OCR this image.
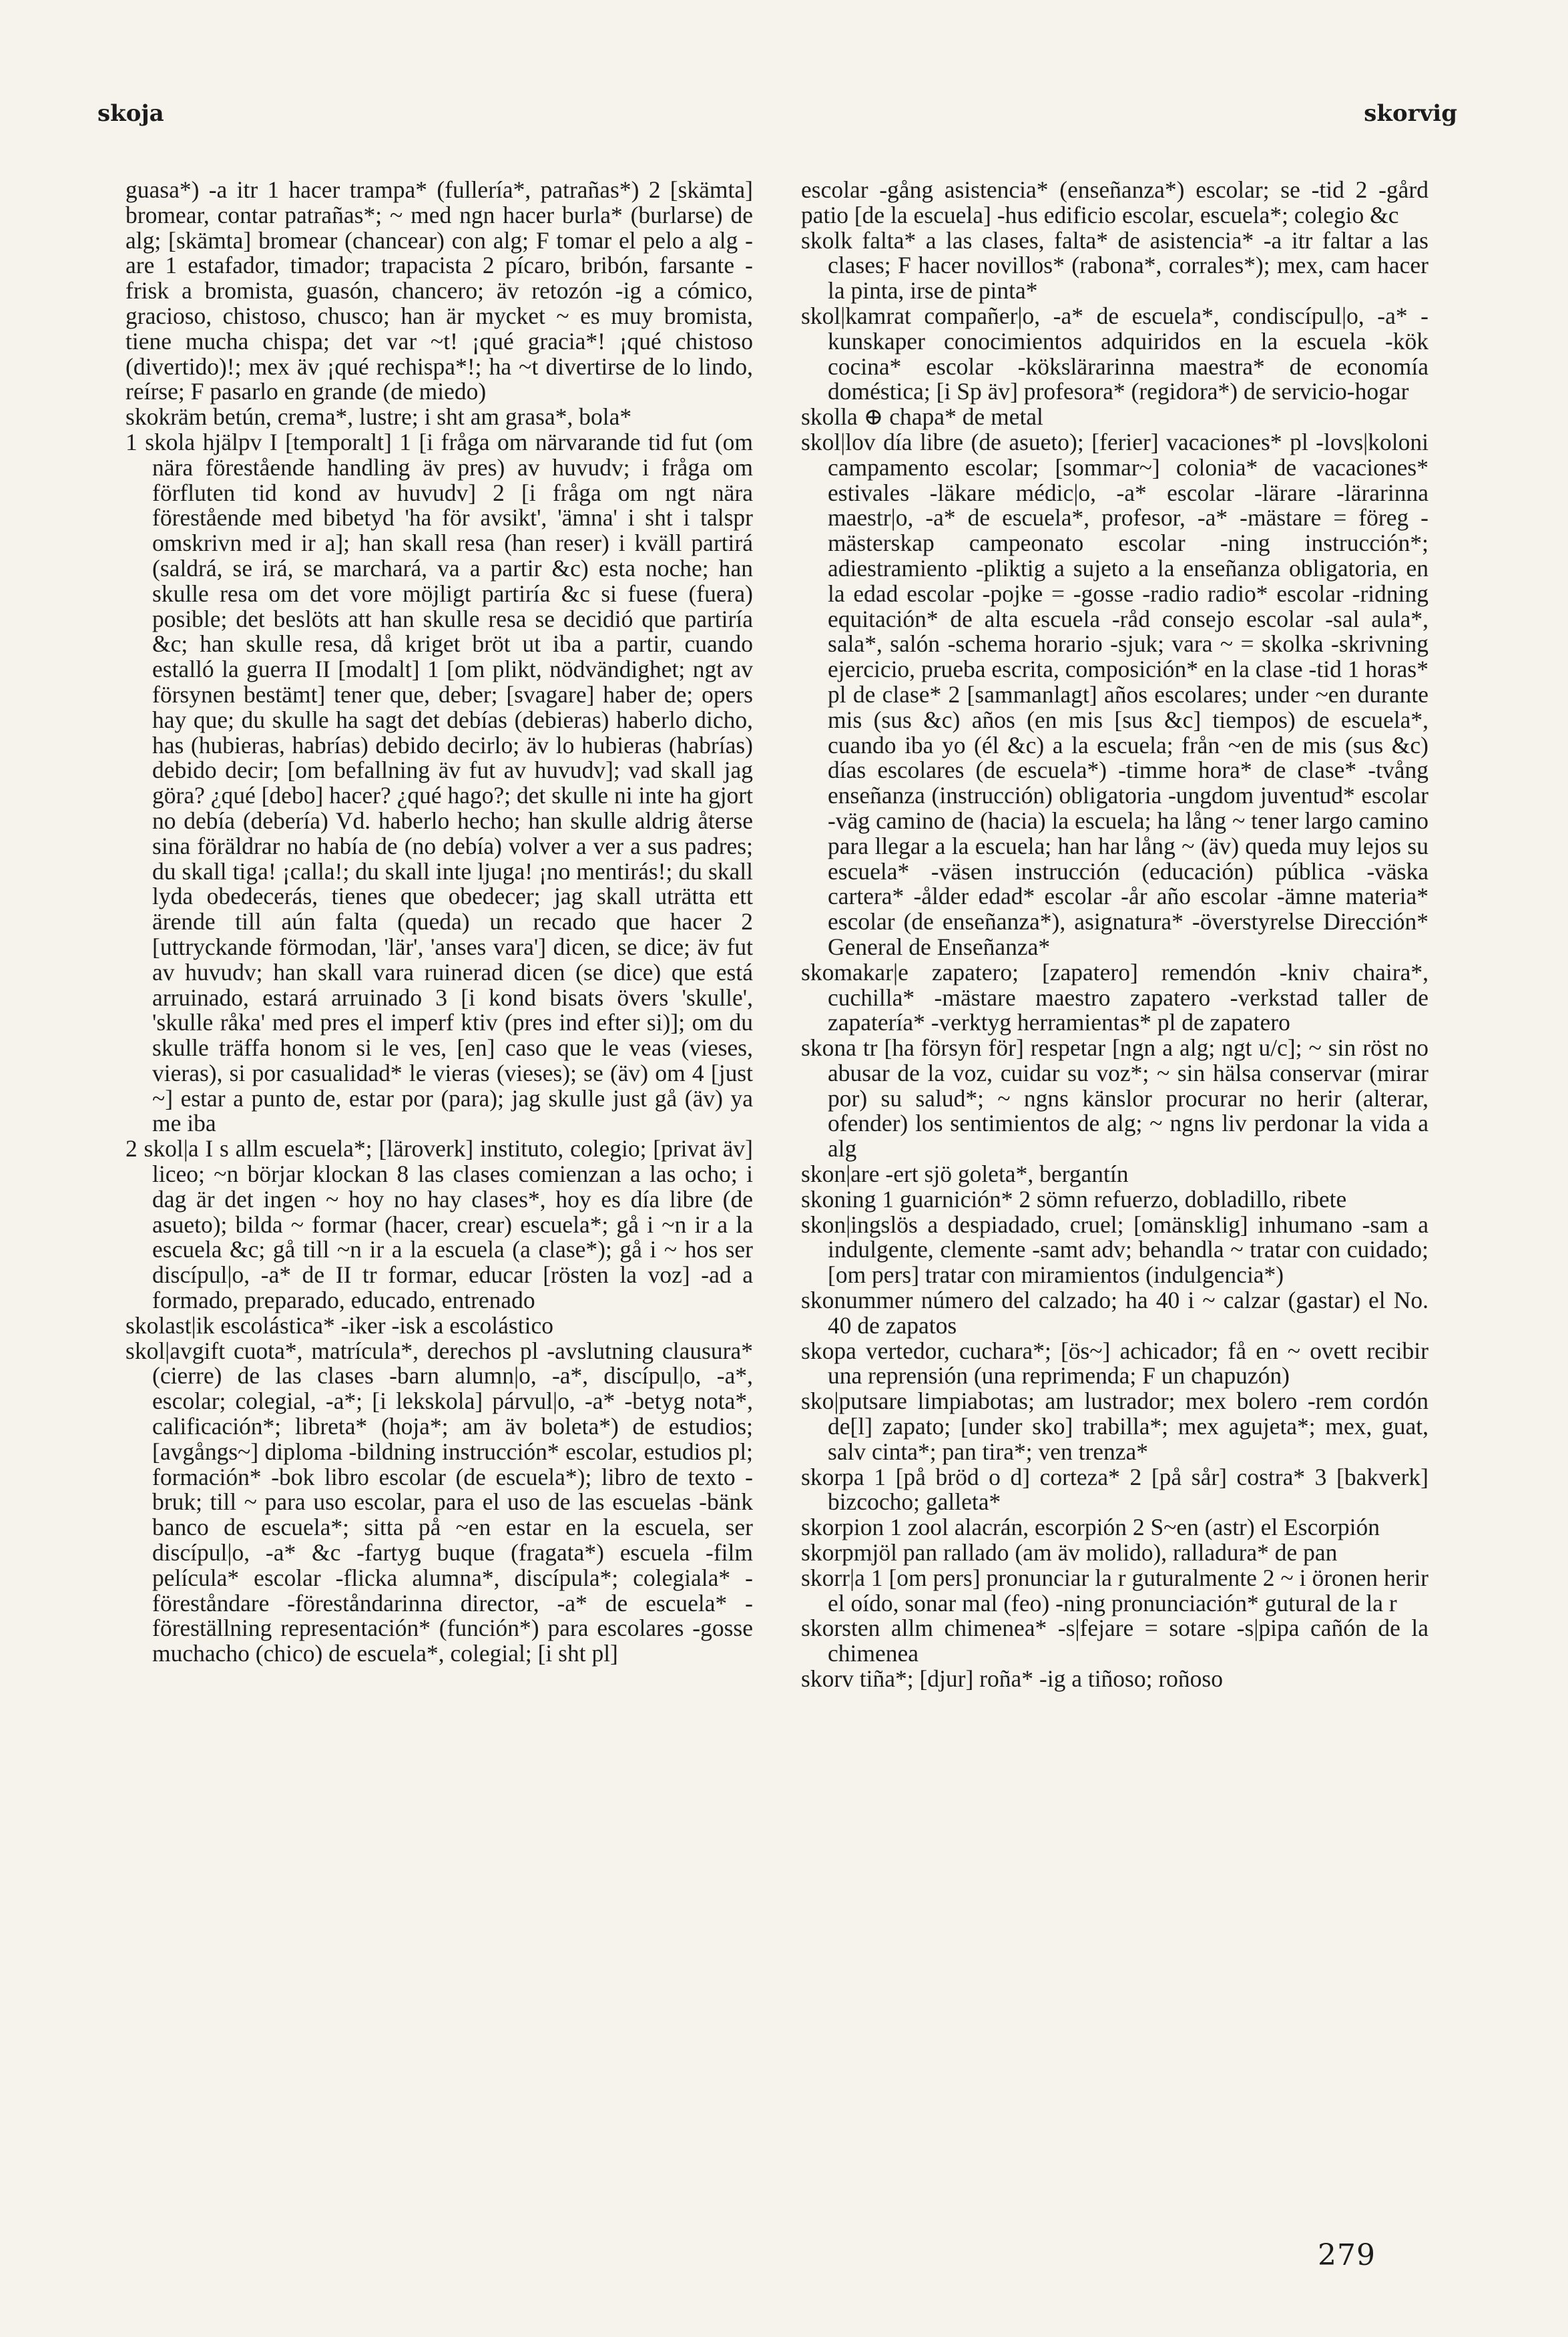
skoja	skorvig

guasa*) -a itr 1 hacer trampa* (fullería*, patrañas*) 2 [skämta] bromear, contar patrañas*; ~ med ngn hacer burla* (burlarse) de alg; [skämta] bromear (chancear) con alg; F tomar el pelo a alg -are 1 estafador, timador; trapacista 2 pícaro, bribón, farsante -frisk a bromista, guasón, chancero; äv retozón -ig a cómico, gracioso, chistoso, chusco; han är mycket ~ es muy bromista, tiene mucha chispa; det var ~t! ¡qué gracia*! ¡qué chistoso (divertido)!; mex äv ¡qué rechispa*!; ha ~t divertirse de lo lindo, reírse; F pasarlo en grande (de miedo)

skokräm betún, crema*, lustre; i sht am grasa*, bola*

1 skola hjälpv I [temporalt] 1 [i fråga om närvarande tid fut (om nära förestående handling äv pres) av huvudv; i fråga om förfluten tid kond av huvudv] 2 [i fråga om ngt nära förestående med bibetyd 'ha för avsikt', 'ämna' i sht i talspr omskrivn med ir a]; han skall resa (han reser) i kväll partirá (saldrá, se irá, se marchará, va a partir &c) esta noche; han skulle resa om det vore möjligt partiría &c si fuese (fuera) posible; det beslöts att han skulle resa se decidió que partiría &c; han skulle resa, då kriget bröt ut iba a partir, cuando estalló la guerra II [modalt] 1 [om plikt, nödvändighet; ngt av försynen bestämt] tener que, deber; [svagare] haber de; opers hay que; du skulle ha sagt det debías (debieras) haberlo dicho, has (hubieras, habrías) debido decirlo; äv lo hubieras (habrías) debido decir; [om befallning äv fut av huvudv]; vad skall jag göra? ¿qué [debo] hacer? ¿qué hago?; det skulle ni inte ha gjort no debía (debería) Vd. haberlo hecho; han skulle aldrig återse sina föräldrar no había de (no debía) volver a ver a sus padres; du skall tiga! ¡calla!; du skall inte ljuga! ¡no mentirás!; du skall lyda obedecerás, tienes que obedecer; jag skall uträtta ett ärende till aún falta (queda) un recado que hacer 2 [uttryckande förmodan, 'lär', 'anses vara'] dicen, se dice; äv fut av huvudv; han skall vara ruinerad dicen (se dice) que está arruinado, estará arruinado 3 [i kond bisats övers 'skulle', 'skulle råka' med pres el imperf ktiv (pres ind efter si)]; om du skulle träffa honom si le ves, [en] caso que le veas (vieses, vieras), si por casualidad* le vieras (vieses); se (äv) om 4 [just ~] estar a punto de, estar por (para); jag skulle just gå (äv) ya me iba

2 skol|a I s allm escuela*; [läroverk] instituto, colegio; [privat äv] liceo; ~n börjar klockan 8 las clases comienzan a las ocho; i dag är det ingen ~ hoy no hay clases*, hoy es día libre (de asueto); bilda ~ formar (hacer, crear) escuela*; gå i ~n ir a la escuela &c; gå till ~n ir a la escuela (a clase*); gå i ~ hos ser discípul|o, -a* de II tr formar, educar [rösten la voz] -ad a formado, preparado, educado, entrenado

skolast|ik escolástica* -iker -isk a escolástico

skol|avgift cuota*, matrícula*, derechos pl -avslutning clausura* (cierre) de las clases -barn alumn|o, -a*, discípul|o, -a*, escolar; colegial, -a*; [i lekskola] párvul|o, -a* -betyg nota*, calificación*; libreta* (hoja*; am äv boleta*) de estudios; [avgångs~] diploma -bildning instrucción* escolar, estudios pl; formación* -bok libro escolar (de escuela*); libro de texto -bruk; till ~ para uso escolar, para el uso de las escuelas -bänk banco de escuela*; sitta på ~en estar en la escuela, ser discípul|o, -a* &c -fartyg buque (fragata*) escuela -film película* escolar -flicka alumna*, discípula*; colegiala* -föreståndare -föreståndarinna director, -a* de escuela* -föreställning representación* (función*) para escolares -gosse muchacho (chico) de escuela*, colegial; [i sht pl]

escolar -gång asistencia* (enseñanza*) escolar; se -tid 2 -gård patio [de la escuela] -hus edificio escolar, escuela*; colegio &c

skolk falta* a las clases, falta* de asistencia* -a itr faltar a las clases; F hacer novillos* (rabona*, corrales*); mex, cam hacer la pinta, irse de pinta*

skol|kamrat compañer|o, -a* de escuela*, condiscípul|o, -a* -kunskaper conocimientos adquiridos en la escuela -kök cocina* escolar -kökslärarinna maestra* de economía doméstica; [i Sp äv] profesora* (regidora*) de servicio-hogar

skolla ⊕ chapa* de metal

skol|lov día libre (de asueto); [ferier] vacaciones* pl -lovs|koloni campamento escolar; [sommar~] colonia* de vacaciones* estivales -läkare médic|o, -a* escolar -lärare -lärarinna maestr|o, -a* de escuela*, profesor, -a* -mästare = föreg -mästerskap campeonato escolar -ning instrucción*; adiestramiento -pliktig a sujeto a la enseñanza obligatoria, en la edad escolar -pojke = -gosse -radio radio* escolar -ridning equitación* de alta escuela -råd consejo escolar -sal aula*, sala*, salón -schema horario -sjuk; vara ~ = skolka -skrivning ejercicio, prueba escrita, composición* en la clase -tid 1 horas* pl de clase* 2 [sammanlagt] años escolares; under ~en durante mis (sus &c) años (en mis [sus &c] tiempos) de escuela*, cuando iba yo (él &c) a la escuela; från ~en de mis (sus &c) días escolares (de escuela*) -timme hora* de clase* -tvång enseñanza (instrucción) obligatoria -ungdom juventud* escolar -väg camino de (hacia) la escuela; ha lång ~ tener largo camino para llegar a la escuela; han har lång ~ (äv) queda muy lejos su escuela* -väsen instrucción (educación) pública -väska cartera* -ålder edad* escolar -år año escolar -ämne materia* escolar (de enseñanza*), asignatura* -överstyrelse Dirección* General de Enseñanza*

skomakar|e zapatero; [zapatero] remendón -kniv chaira*, cuchilla* -mästare maestro zapatero -verkstad taller de zapatería* -verktyg herramientas* pl de zapatero

skona tr [ha försyn för] respetar [ngn a alg; ngt u/c]; ~ sin röst no abusar de la voz, cuidar su voz*; ~ sin hälsa conservar (mirar por) su salud*; ~ ngns känslor procurar no herir (alterar, ofender) los sentimientos de alg; ~ ngns liv perdonar la vida a alg

skon|are -ert sjö goleta*, bergantín

skoning 1 guarnición* 2 sömn refuerzo, dobladillo, ribete

skon|ingslös a despiadado, cruel; [omänsklig] inhumano -sam a indulgente, clemente -samt adv; behandla ~ tratar con cuidado; [om pers] tratar con miramientos (indulgencia*)

skonummer número del calzado; ha 40 i ~ calzar (gastar) el No. 40 de zapatos

skopa vertedor, cuchara*; [ös~] achicador; få en ~ ovett recibir una reprensión (una reprimenda; F un chapuzón)

sko|putsare limpiabotas; am lustrador; mex bolero -rem cordón de[l] zapato; [under sko] trabilla*; mex agujeta*; mex, guat, salv cinta*; pan tira*; ven trenza*

skorpa 1 [på bröd o d] corteza* 2 [på sår] costra* 3 [bakverk] bizcocho; galleta*

skorpion 1 zool alacrán, escorpión 2 S~en (astr) el Escorpión

skorpmjöl pan rallado (am äv molido), ralladura* de pan

skorr|a 1 [om pers] pronunciar la r guturalmente 2 ~ i öronen herir el oído, sonar mal (feo) -ning pronunciación* gutural de la r

skorsten allm chimenea* -s|fejare = sotare -s|pipa cañón de la chimenea

skorv tiña*; [djur] roña* -ig a tiñoso; roñoso

279
